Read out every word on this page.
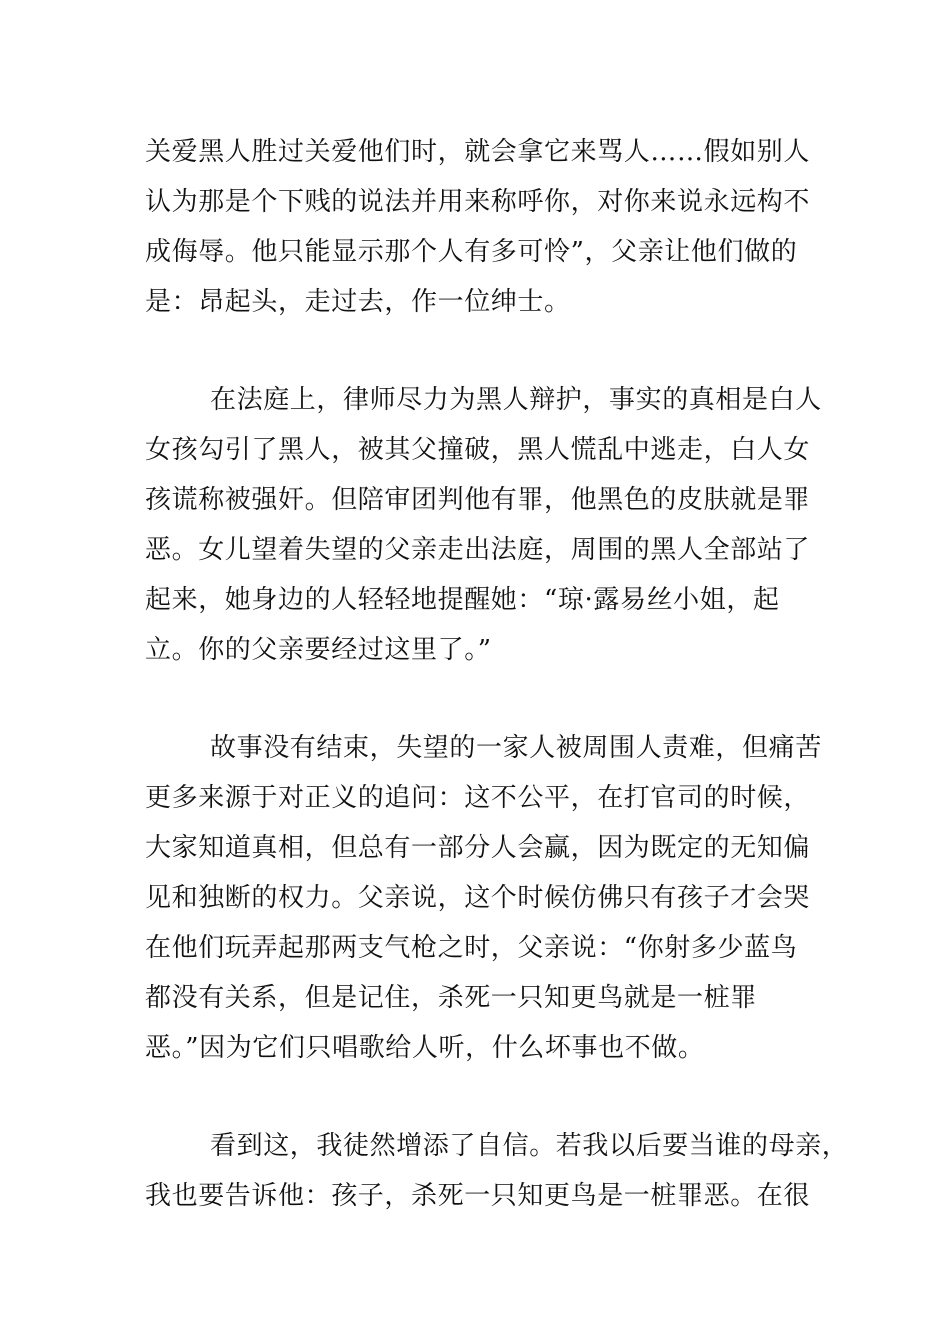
关爱黑人胜过关爱他们时，就会拿它来骂人……假如别人
认为那是个下贱的说法并用来称呼你，对你来说永远构不
成侮辱。他只能显示那个人有多可怜”，父亲让他们做的
是：昂起头，走过去，作一位绅士。
在法庭上，律师尽力为黑人辩护，事实的真相是白人
女孩勾引了黑人，被其父撞破，黑人慌乱中逃走，白人女
孩谎称被强奸。但陪审团判他有罪，他黑色的皮肤就是罪
恶。女儿望着失望的父亲走出法庭，周围的黑人全部站了
起来，她身边的人轻轻地提醒她：“琼·露易丝小姐，起
立。你的父亲要经过这里了。”
故事没有结束，失望的一家人被周围人责难，但痛苦
更多来源于对正义的追问：这不公平，在打官司的时候，
大家知道真相，但总有一部分人会赢，因为既定的无知偏
见和独断的权力。父亲说，这个时候仿佛只有孩子才会哭
在他们玩弄起那两支气枪之时，父亲说：“你射多少蓝鸟
都没有关系，但是记住，杀死一只知更鸟就是一桩罪
恶。”因为它们只唱歌给人听，什么坏事也不做。
看到这，我徒然增添了自信。若我以后要当谁的母亲，
我也要告诉他：孩子，杀死一只知更鸟是一桩罪恶。在很
